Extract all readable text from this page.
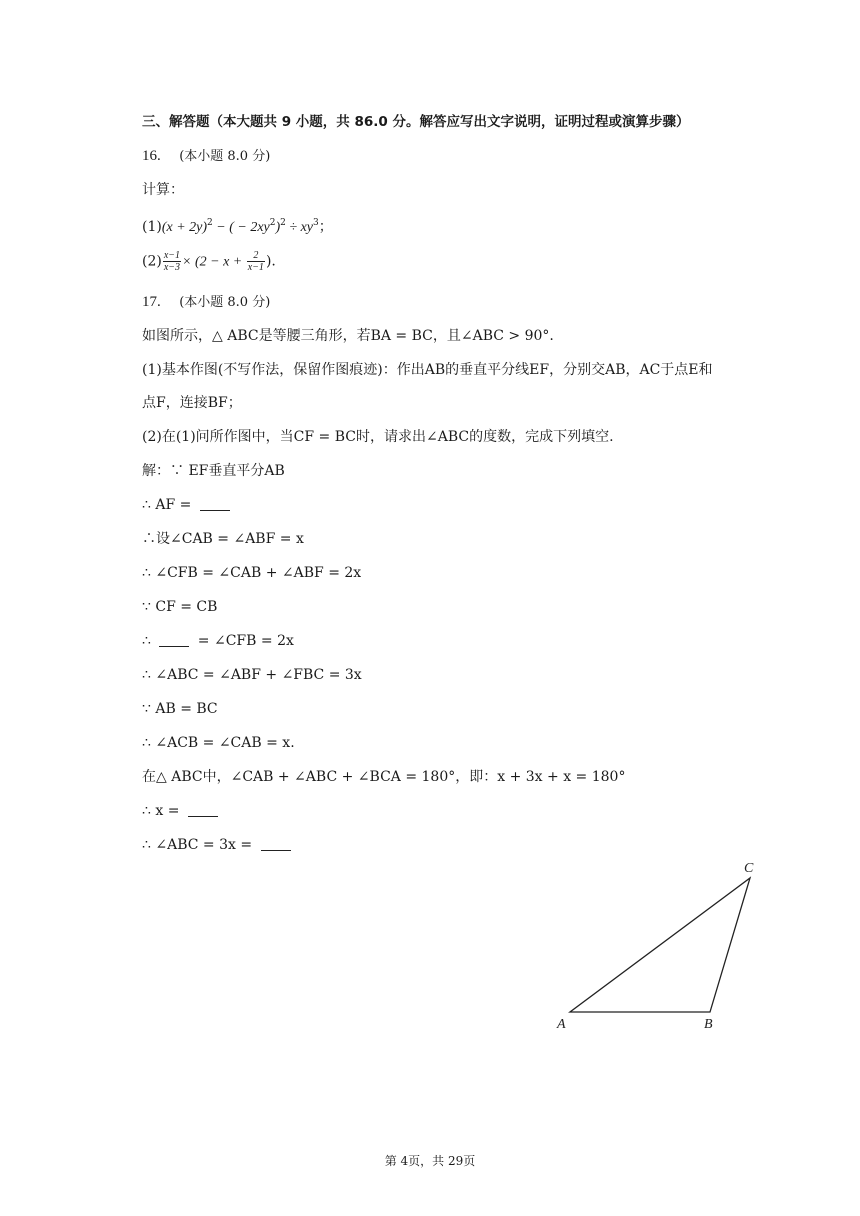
三、解答题（本大题共 9 小题，共 86.0 分。解答应写出文字说明，证明过程或演算步骤）
16. (本小题 8.0 分)
计算：
$(1)(x + 2y)^2$ − ( − $2xy^2)^2 \div xy^3$；
$(2) \frac{x-1}{x-3} \times (2 - x + \frac{2}{x-1}$ ).
17. (本小题 8.0 分)
如图所示，△ ABC是等腰三角形，若BA = BC，且∠ABC > 90°.
(1)基本作图(不写作法，保留作图痕迹)：作出AB的垂直平分线EF，分别交AB，AC于点E和
点F，连接BF；
(2)在(1)问所作图中，当CF = BC时，请求出∠ABC的度数，完成下列填空.
解：∵ EF垂直平分AB
∴ AF =
∴设∠CAB = ∠ABF = x
∴ ∠CFB = ∠CAB + ∠ABF = 2x
∵ CF = CB
∴	= ∠CFB = 2x
∴ ∠ABC = ∠ABF + ∠FBC = 3x
∵ AB = BC
∴ ∠ACB = ∠CAB = x.
在△ ABC中，∠CAB + ∠ABC + ∠BCA = 180°，即：x + 3x + x = 180°
∴ x =
∴ ∠ABC = 3x =
A	B
C
第 4页，共 29页
